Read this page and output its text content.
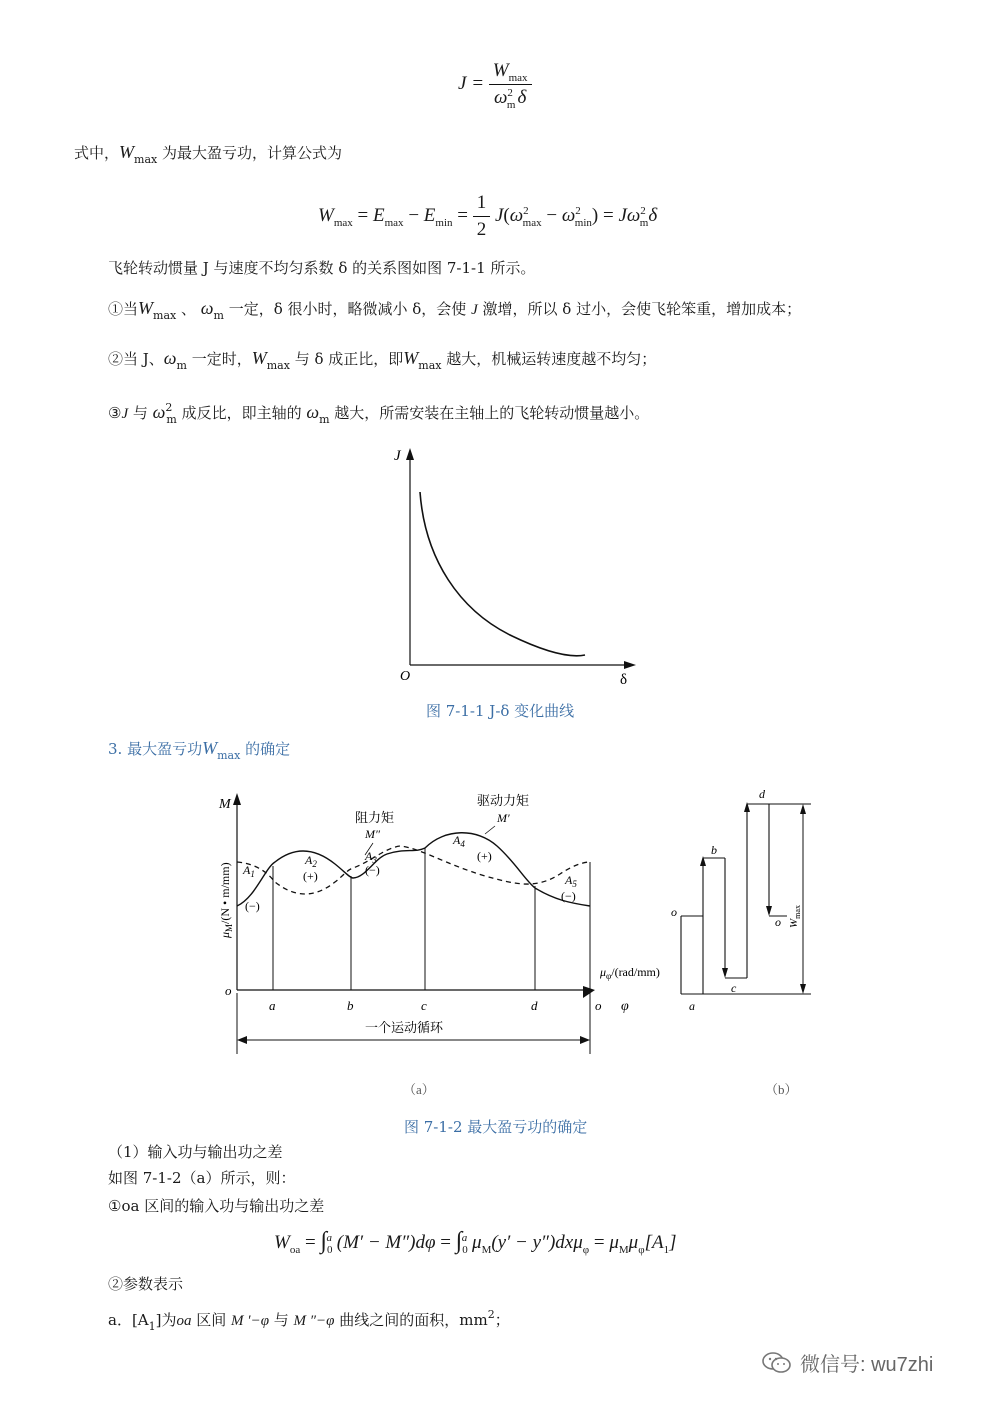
$J = \frac{W_{max}}{\omega^2_m \delta}$
式中，$W_{max}$ 为最大盈亏功，计算公式为
$W_{max} = E_{max} - E_{min} = \frac{1}{2} J(\omega^2_{max} - \omega^2_{min}) = J\omega^2_m\delta$
飞轮转动惯量 J 与速度不均匀系数 δ 的关系图如图 7-1-1 所示。
①当$W_{max}$ 、 $\omega_m$ 一定，δ 很小时，略微减小 δ，会使 J 激增，所以 δ 过小，会使飞轮笨重，增加成本；
②当 J、$\omega_m$ 一定时，$W_{max}$ 与 δ 成正比，即$W_{max}$ 越大，机械运转速度越不均匀；
③J 与 $\omega^2_m$ 成反比，即主轴的 $\omega_m$ 越大，所需安装在主轴上的飞轮转动惯量越小。
J
O	δ
图 7-1-1 J-δ 变化曲线
3. 最大盈亏功$W_{max}$ 的确定
M
$\mu_M/(N$ • m/mm)
阻力矩
M″
驱动力矩
M′
$A_1$
(−)
$A_2$
(+)
$A_3$
(−)
$A_4$
(+)
$A_5$
(−)
$\mu_\varphi/(rad/mm)$
o
a	b	c	d	o φ
一个运动循环
（a）
o
a
b
c
d
o $W_{max}$
（b）
图 7-1-2 最大盈亏功的确定
（1）输入功与输出功之差
如图 7-1-2（a）所示，则：
①oa 区间的输入功与输出功之差
$W_{oa} = \int_0^a$ $(M' - M'')d\varphi = \int_0^a$ $\mu_M(y' - y'')dx\mu_\varphi = \mu_M\mu_\varphi[A_1]$
②参数表示
a．$[A_1]$为oa 区间 M ′−φ 与 M ″−φ 曲线之间的面积，$mm^2$；
微信号: wu7zhi
